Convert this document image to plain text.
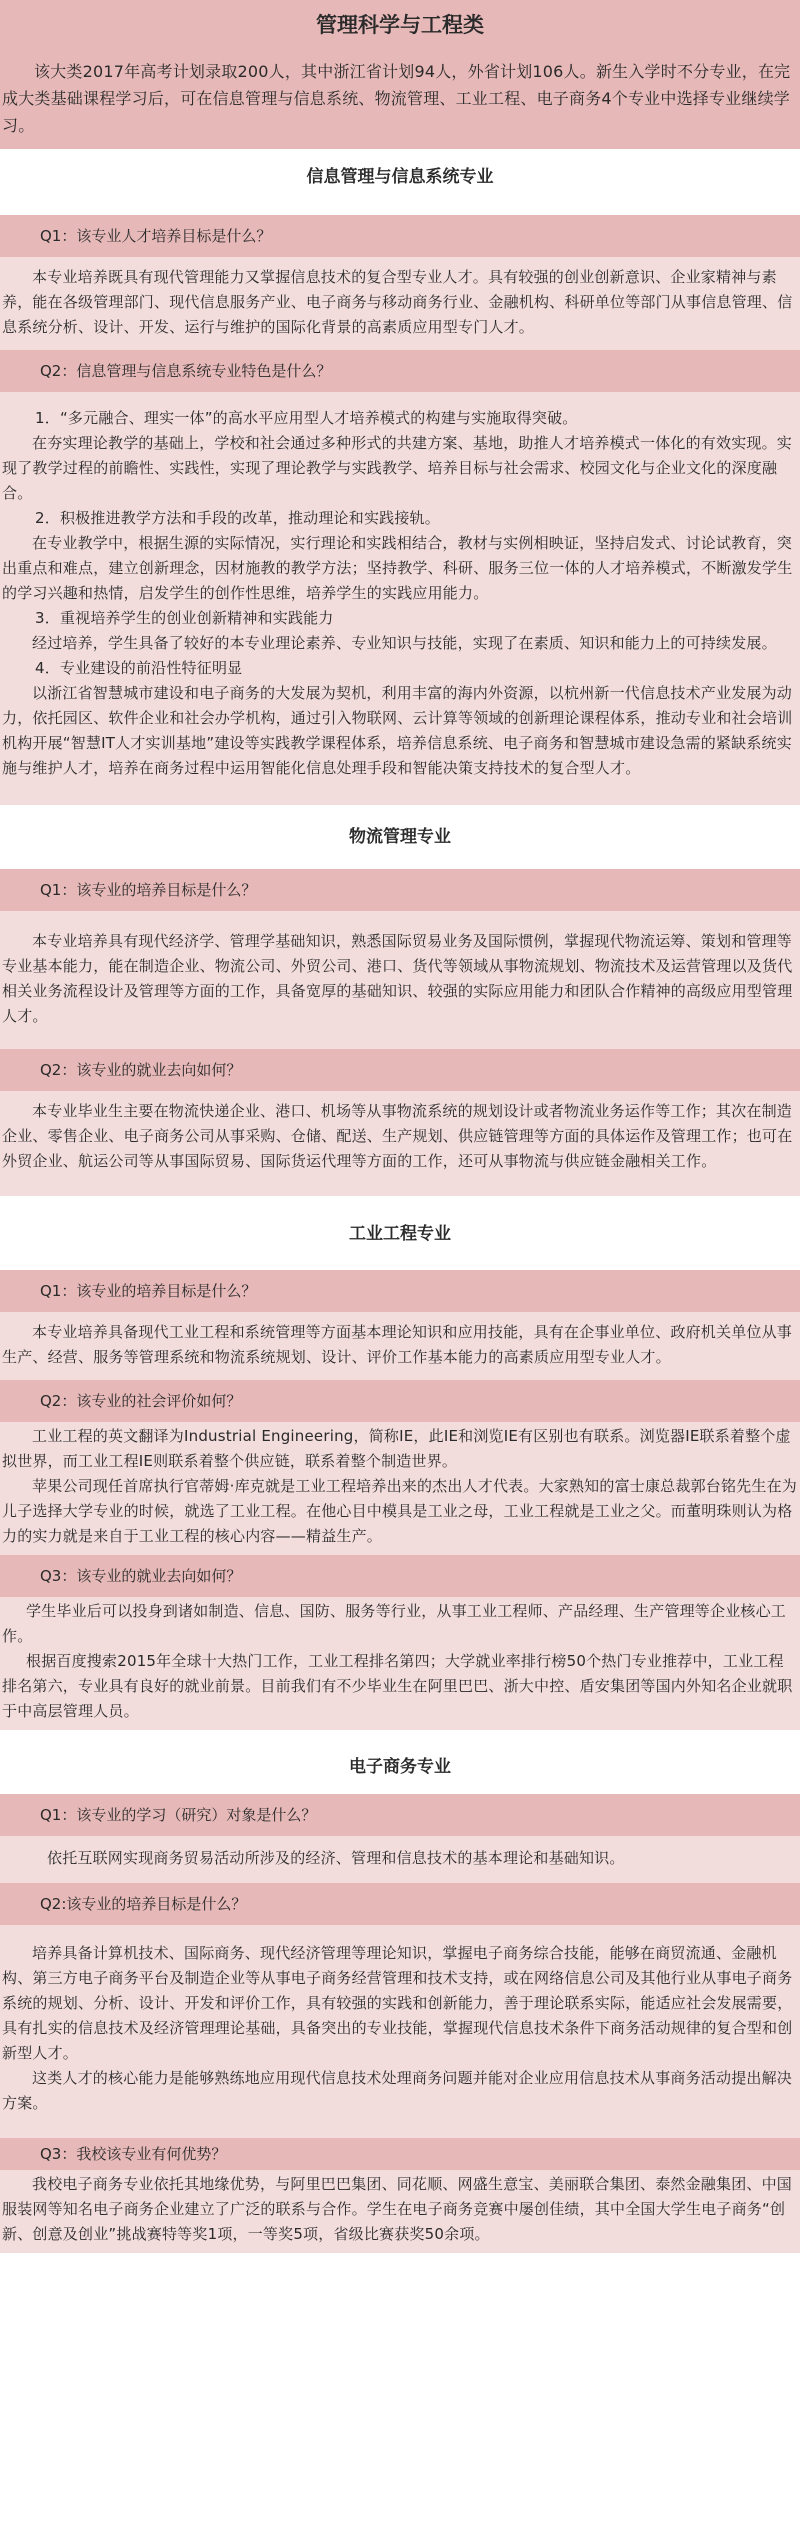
管理科学与工程类

该大类2017年高考计划录取200人，其中浙江省计划94人，外省计划106人。新生入学时不分专业，在完成大类基础课程学习后，可在信息管理与信息系统、物流管理、工业工程、电子商务4个专业中选择专业继续学习。

信息管理与信息系统专业
Q1：该专业人才培养目标是什么？

本专业培养既具有现代管理能力又掌握信息技术的复合型专业人才。具有较强的创业创新意识、企业家精神与素养，能在各级管理部门、现代信息服务产业、电子商务与移动商务行业、金融机构、科研单位等部门从事信息管理、信息系统分析、设计、开发、运行与维护的国际化背景的高素质应用型专门人才。

Q2：信息管理与信息系统专业特色是什么？

1．“多元融合、理实一体”的高水平应用型人才培养模式的构建与实施取得突破。

在夯实理论教学的基础上，学校和社会通过多种形式的共建方案、基地，助推人才培养模式一体化的有效实现。实现了教学过程的前瞻性、实践性，实现了理论教学与实践教学、培养目标与社会需求、校园文化与企业文化的深度融合。

2．积极推进教学方法和手段的改革，推动理论和实践接轨。

在专业教学中，根据生源的实际情况，实行理论和实践相结合，教材与实例相映证，坚持启发式、讨论试教育，突出重点和难点，建立创新理念，因材施教的教学方法；坚持教学、科研、服务三位一体的人才培养模式，不断激发学生的学习兴趣和热情，启发学生的创作性思维，培养学生的实践应用能力。

3．重视培养学生的创业创新精神和实践能力

经过培养，学生具备了较好的本专业理论素养、专业知识与技能，实现了在素质、知识和能力上的可持续发展。

4．专业建设的前沿性特征明显

以浙江省智慧城市建设和电子商务的大发展为契机，利用丰富的海内外资源，以杭州新一代信息技术产业发展为动力，依托园区、软件企业和社会办学机构，通过引入物联网、云计算等领域的创新理论课程体系，推动专业和社会培训机构开展“智慧IT人才实训基地”建设等实践教学课程体系，培养信息系统、电子商务和智慧城市建设急需的紧缺系统实施与维护人才，培养在商务过程中运用智能化信息处理手段和智能决策支持技术的复合型人才。

物流管理专业
Q1：该专业的培养目标是什么？

本专业培养具有现代经济学、管理学基础知识，熟悉国际贸易业务及国际惯例，掌握现代物流运筹、策划和管理等专业基本能力，能在制造企业、物流公司、外贸公司、港口、货代等领域从事物流规划、物流技术及运营管理以及货代相关业务流程设计及管理等方面的工作，具备宽厚的基础知识、较强的实际应用能力和团队合作精神的高级应用型管理人才。

Q2：该专业的就业去向如何？

本专业毕业生主要在物流快递企业、港口、机场等从事物流系统的规划设计或者物流业务运作等工作；其次在制造企业、零售企业、电子商务公司从事采购、仓储、配送、生产规划、供应链管理等方面的具体运作及管理工作；也可在外贸企业、航运公司等从事国际贸易、国际货运代理等方面的工作，还可从事物流与供应链金融相关工作。

工业工程专业
Q1：该专业的培养目标是什么？

本专业培养具备现代工业工程和系统管理等方面基本理论知识和应用技能，具有在企事业单位、政府机关单位从事生产、经营、服务等管理系统和物流系统规划、设计、评价工作基本能力的高素质应用型专业人才。

Q2：该专业的社会评价如何？

工业工程的英文翻译为Industrial Engineering，简称IE，此IE和浏览IE有区别也有联系。浏览器IE联系着整个虚拟世界，而工业工程IE则联系着整个供应链，联系着整个制造世界。

苹果公司现任首席执行官蒂姆·库克就是工业工程培养出来的杰出人才代表。大家熟知的富士康总裁郭台铭先生在为儿子选择大学专业的时候，就选了工业工程。在他心目中模具是工业之母，工业工程就是工业之父。而董明珠则认为格力的实力就是来自于工业工程的核心内容——精益生产。

Q3：该专业的就业去向如何？

学生毕业后可以投身到诸如制造、信息、国防、服务等行业，从事工业工程师、产品经理、生产管理等企业核心工作。

根据百度搜索2015年全球十大热门工作，工业工程排名第四；大学就业率排行榜50个热门专业推荐中，工业工程排名第六，专业具有良好的就业前景。目前我们有不少毕业生在阿里巴巴、浙大中控、盾安集团等国内外知名企业就职于中高层管理人员。

电子商务专业
Q1：该专业的学习（研究）对象是什么？

依托互联网实现商务贸易活动所涉及的经济、管理和信息技术的基本理论和基础知识。

Q2:该专业的培养目标是什么？

培养具备计算机技术、国际商务、现代经济管理等理论知识，掌握电子商务综合技能，能够在商贸流通、金融机构、第三方电子商务平台及制造企业等从事电子商务经营管理和技术支持，或在网络信息公司及其他行业从事电子商务系统的规划、分析、设计、开发和评价工作，具有较强的实践和创新能力，善于理论联系实际，能适应社会发展需要，具有扎实的信息技术及经济管理理论基础，具备突出的专业技能，掌握现代信息技术条件下商务活动规律的复合型和创新型人才。

这类人才的核心能力是能够熟练地应用现代信息技术处理商务问题并能对企业应用信息技术从事商务活动提出解决方案。

Q3：我校该专业有何优势？

我校电子商务专业依托其地缘优势，与阿里巴巴集团、同花顺、网盛生意宝、美丽联合集团、泰然金融集团、中国服装网等知名电子商务企业建立了广泛的联系与合作。学生在电子商务竞赛中屡创佳绩，其中全国大学生电子商务“创新、创意及创业”挑战赛特等奖1项，一等奖5项，省级比赛获奖50余项。
